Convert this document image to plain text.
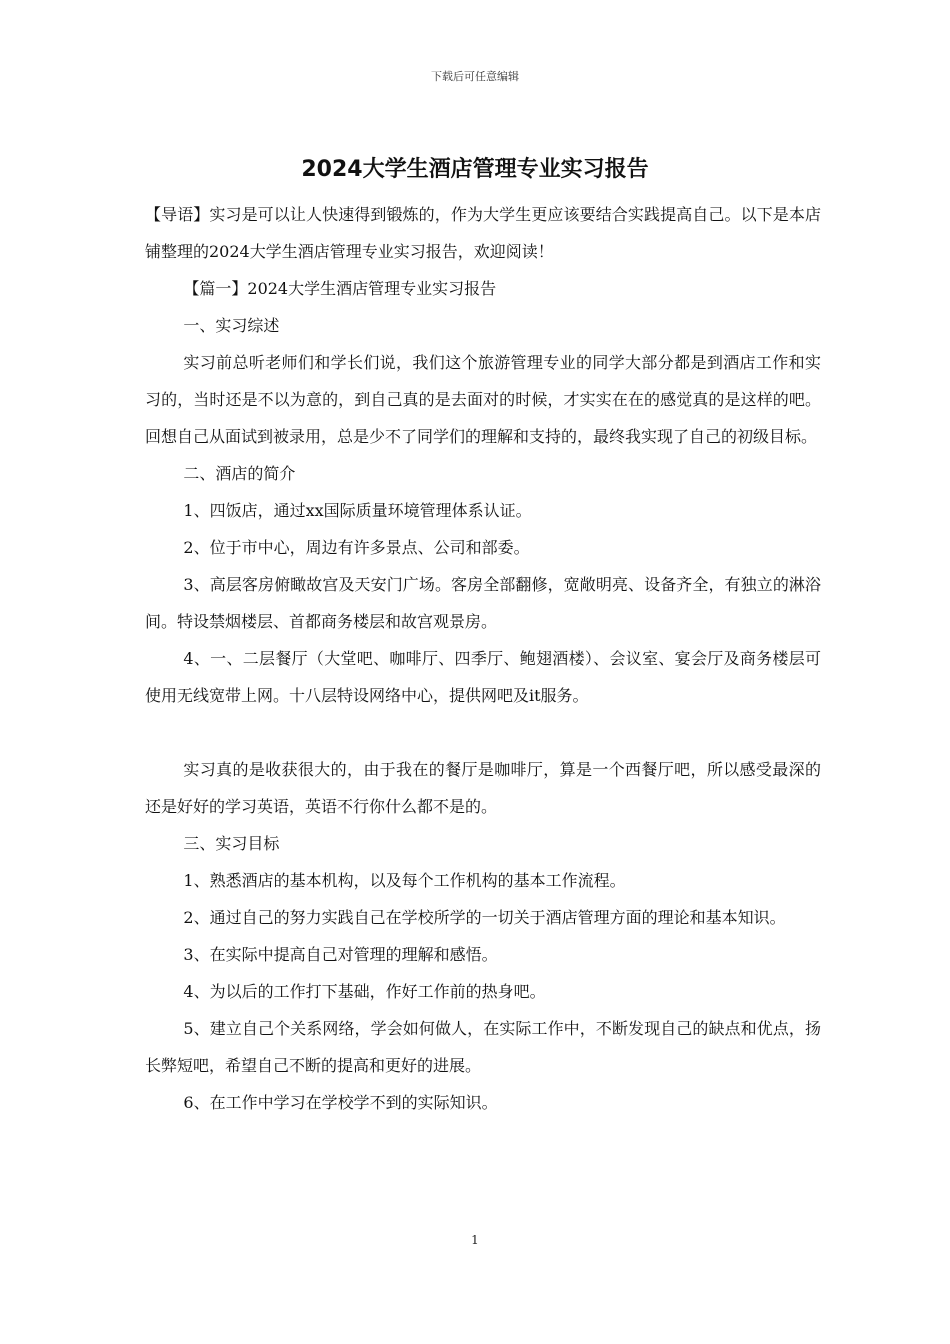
下载后可任意编辑
2024大学生酒店管理专业实习报告

【导语】实习是可以让人快速得到锻炼的，作为大学生更应该要结合实践提高自己。以下是本店铺整理的2024大学生酒店管理专业实习报告，欢迎阅读！

【篇一】2024大学生酒店管理专业实习报告

一、实习综述

实习前总听老师们和学长们说，我们这个旅游管理专业的同学大部分都是到酒店工作和实习的，当时还是不以为意的，到自己真的是去面对的时候，才实实在在的感觉真的是这样的吧。回想自己从面试到被录用，总是少不了同学们的理解和支持的，最终我实现了自己的初级目标。

二、酒店的简介

1、四饭店，通过xx国际质量环境管理体系认证。

2、位于市中心，周边有许多景点、公司和部委。

3、高层客房俯瞰故宫及天安门广场。客房全部翻修，宽敞明亮、设备齐全，有独立的淋浴间。特设禁烟楼层、首都商务楼层和故宫观景房。

4、一、二层餐厅（大堂吧、咖啡厅、四季厅、鲍翅酒楼）、会议室、宴会厅及商务楼层可使用无线宽带上网。十八层特设网络中心，提供网吧及it服务。

实习真的是收获很大的，由于我在的餐厅是咖啡厅，算是一个西餐厅吧，所以感受最深的还是好好的学习英语，英语不行你什么都不是的。

三、实习目标

1、熟悉酒店的基本机构，以及每个工作机构的基本工作流程。

2、通过自己的努力实践自己在学校所学的一切关于酒店管理方面的理论和基本知识。

3、在实际中提高自己对管理的理解和感悟。

4、为以后的工作打下基础，作好工作前的热身吧。

5、建立自己个关系网络，学会如何做人，在实际工作中，不断发现自己的缺点和优点，扬长弊短吧，希望自己不断的提高和更好的进展。

6、在工作中学习在学校学不到的实际知识。

1
